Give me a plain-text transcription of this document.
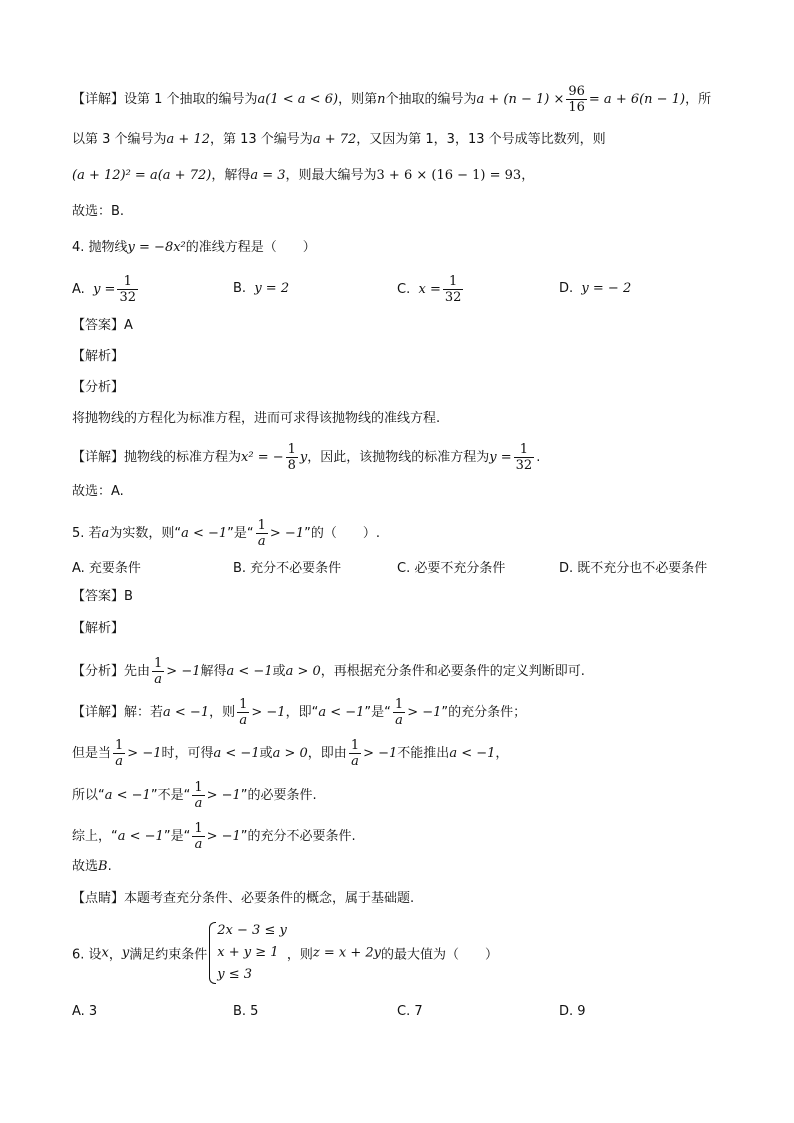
【详解】设第 1 个抽取的编号为a(1 < a < 6)，则第n个抽取的编号为$a + (n - 1) \times \frac{96}{16} = a + 6(n - 1)$，所
以第 3 个编号为a + 12，第 13 个编号为a + 72，又因为第 1，3，13 个号成等比数列，则
(a + 12)² = a(a + 72)，解得a = 3，则最大编号为3 + 6 × (16 − 1) = 93，
故选：B.
4. 抛物线y = −8x²的准线方程是（　　）
A. $y = \frac{1}{32}$	B. y = 2	C. $x = \frac{1}{32}$	D. y = − 2
【答案】A
【解析】
【分析】
将抛物线的方程化为标准方程，进而可求得该抛物线的准线方程.
【详解】抛物线的标准方程为x² = − $\frac{1}{8}$ y，因此，该抛物线的标准方程为$y = \frac{1}{32}$ .
故选：A.
5. 若a为实数，则“a < −1”是“ $\frac{1}{a} > -1$”的（　　）.
A. 充要条件	B. 充分不必要条件	C. 必要不充分条件	D. 既不充分也不必要条件
【答案】B
【解析】
【分析】先由 $\frac{1}{a} > -1$解得a < −1或a > 0，再根据充分条件和必要条件的定义判断即可.
【详解】解：若a < −1，则 $\frac{1}{a} > -1$，即“a < −1”是“ $\frac{1}{a} > -1$”的充分条件；
但是当 $\frac{1}{a} > -1$时，可得a < −1或a > 0，即由 $\frac{1}{a} > -1$不能推出a < −1，
所以“a < −1”不是“ $\frac{1}{a} > -1$”的必要条件.
综上，“a < −1”是“ $\frac{1}{a} > -1$”的充分不必要条件.
故选B.
【点睛】本题考查充分条件、必要条件的概念，属于基础题.
6. 设x，y满足约束条件
2x − 3 ≤ y
x + y ≥ 1
y ≤ 3
，则z = x + 2y的最大值为（　　）
A. 3	B. 5	C. 7	D. 9
